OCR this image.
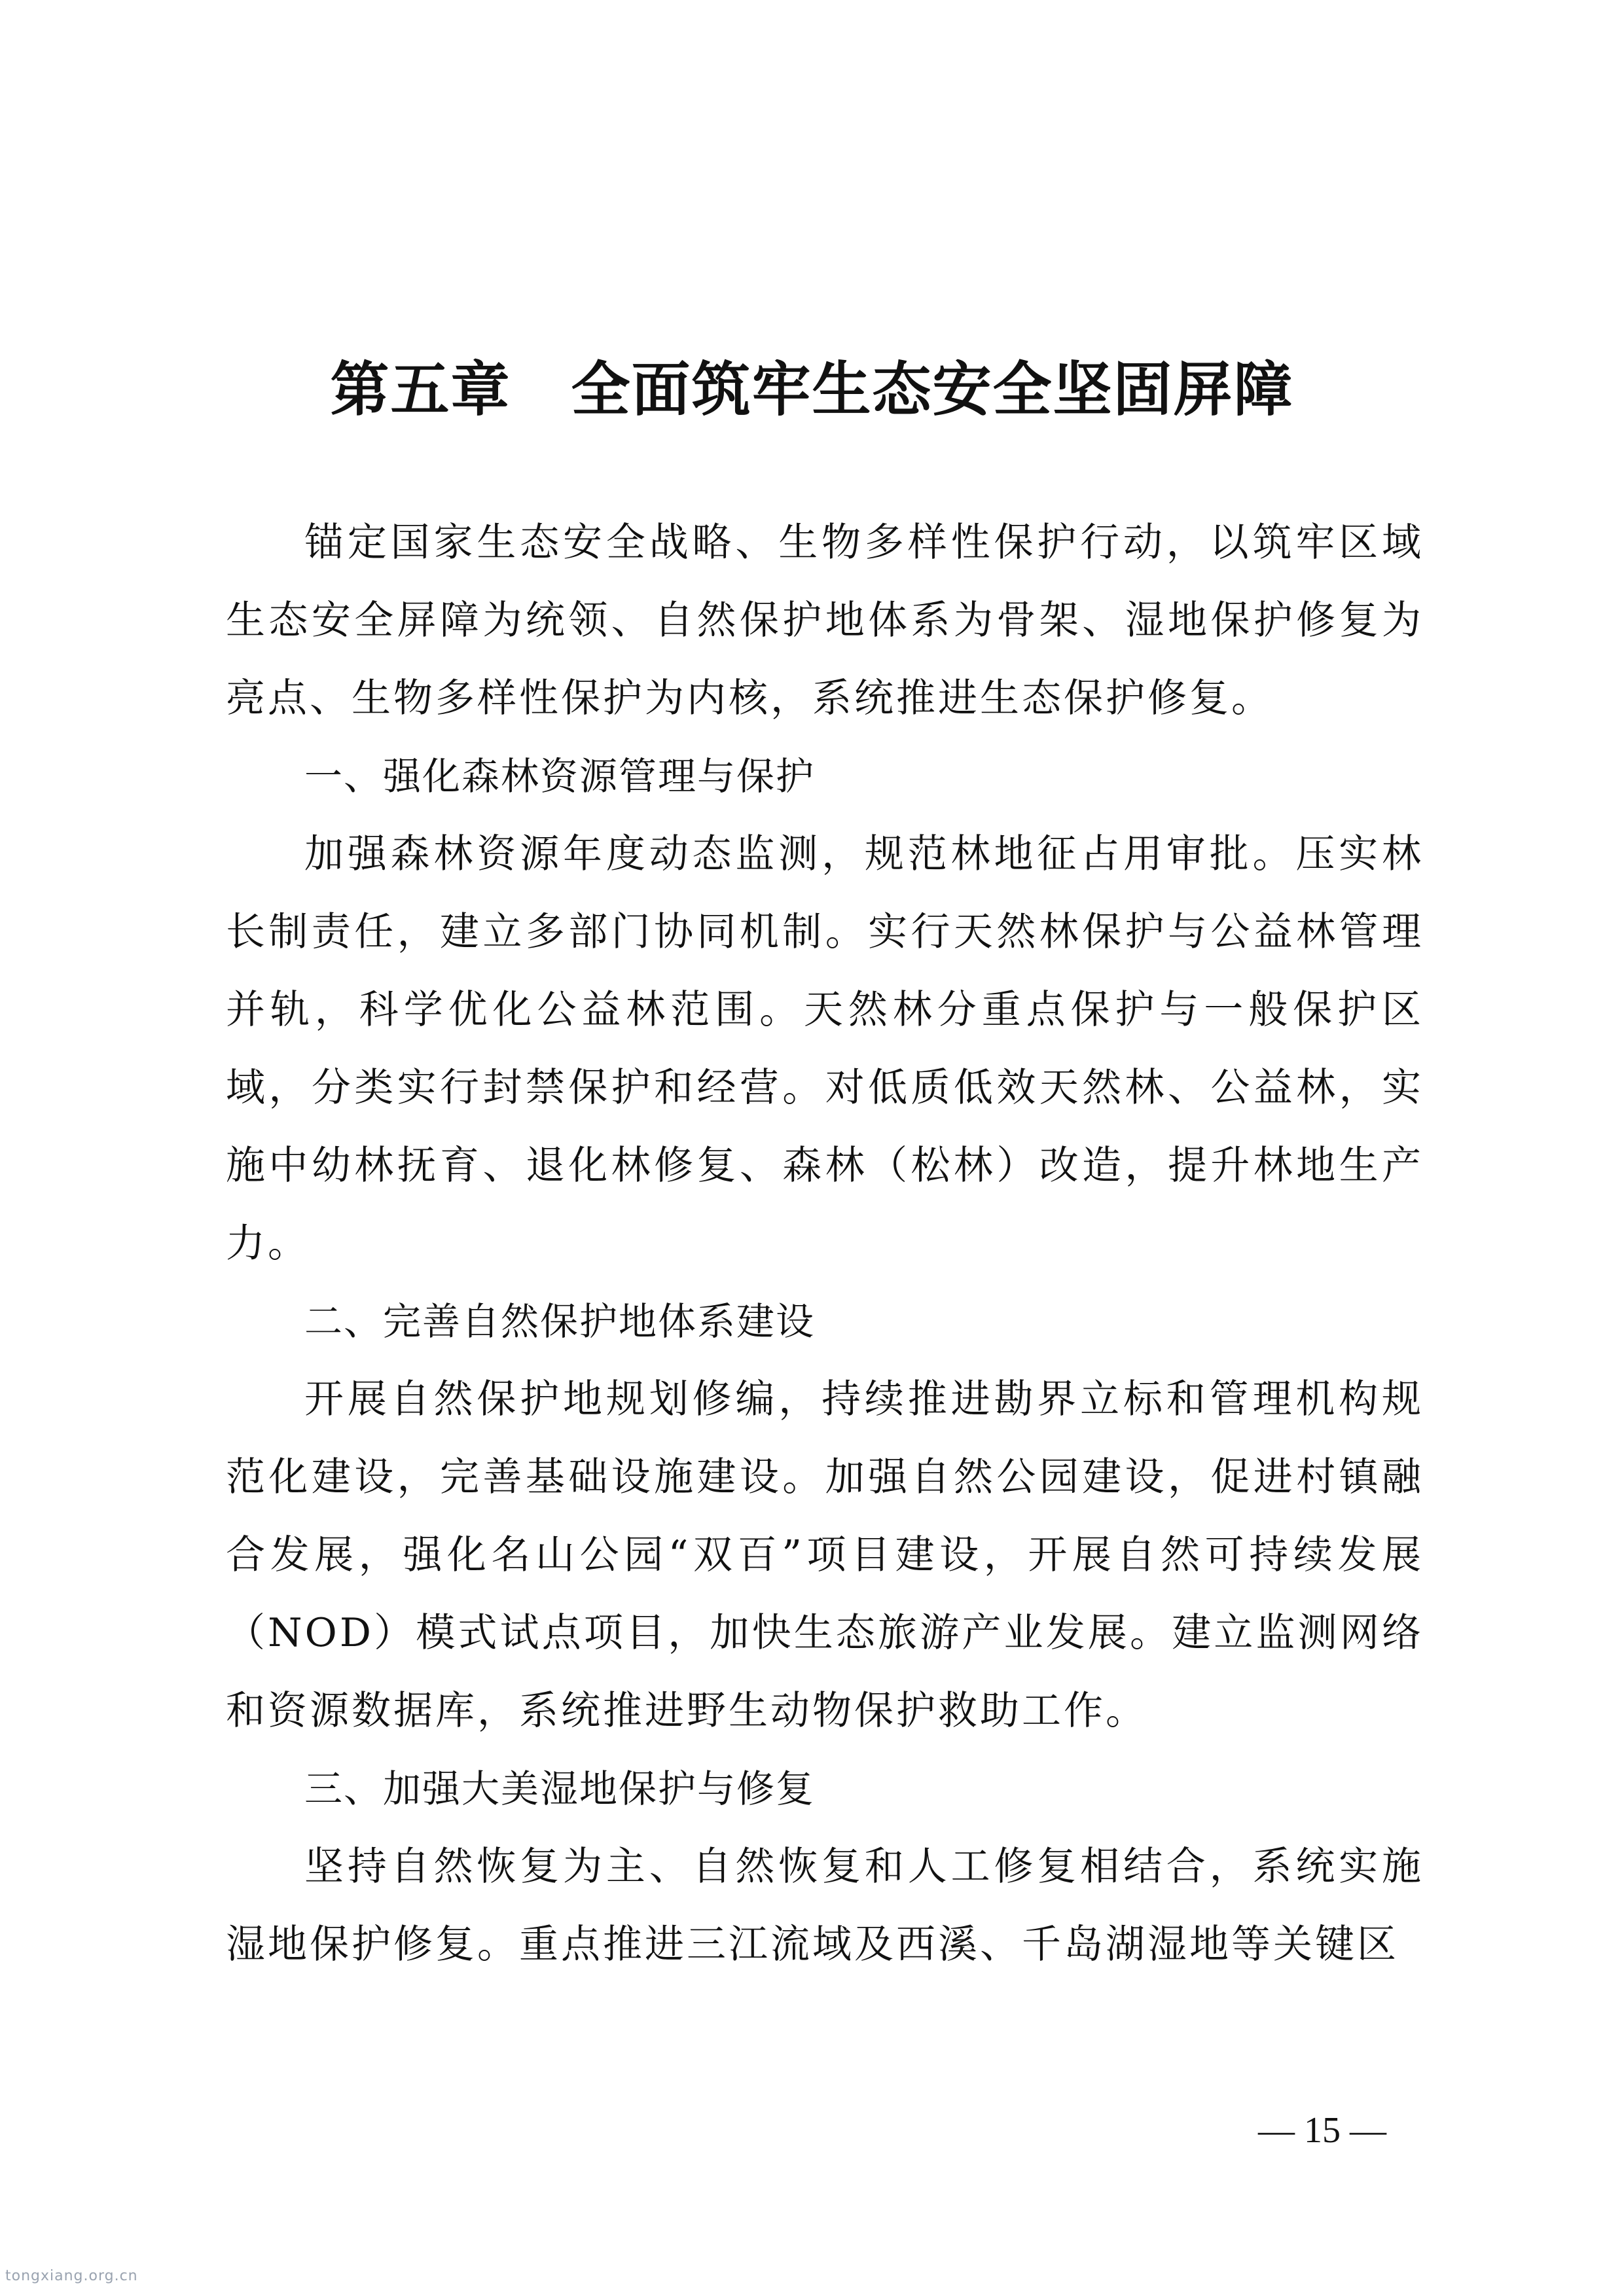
第五章　全面筑牢生态安全坚固屏障

锚定国家生态安全战略、生物多样性保护行动，以筑牢区域生态安全屏障为统领、自然保护地体系为骨架、湿地保护修复为亮点、生物多样性保护为内核，系统推进生态保护修复。

一、强化森林资源管理与保护

加强森林资源年度动态监测，规范林地征占用审批。压实林长制责任，建立多部门协同机制。实行天然林保护与公益林管理并轨，科学优化公益林范围。天然林分重点保护与一般保护区域，分类实行封禁保护和经营。对低质低效天然林、公益林，实施中幼林抚育、退化林修复、森林（松林）改造，提升林地生产力。

二、完善自然保护地体系建设

开展自然保护地规划修编，持续推进勘界立标和管理机构规范化建设，完善基础设施建设。加强自然公园建设，促进村镇融合发展，强化名山公园“双百”项目建设，开展自然可持续发展（NOD）模式试点项目，加快生态旅游产业发展。建立监测网络和资源数据库，系统推进野生动物保护救助工作。

三、加强大美湿地保护与修复

坚持自然恢复为主、自然恢复和人工修复相结合，系统实施湿地保护修复。重点推进三江流域及西溪、千岛湖湿地等关键区

— 15 —
tongxiang.org.cn
